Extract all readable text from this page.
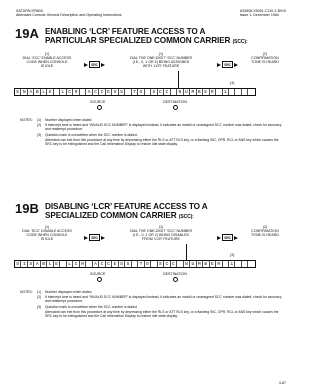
SATURN EPABX
Attendant Console General Description and Operating Instructions
A30808-X5051-C110-1-B919
Issue 1, December 1984
19A ENABLING ‘LCR’ FEATURE ACCESS TO A
PARTICULAR SPECIALIZED COMMON CARRIER (SCC):
(1)
DIAL ‘SCC’ ENABLE ACCESS
CODE WHEN CONSOLE
IS IDLE	SRC
(1)
DIAL THE ONE-DIGIT ‘SCC’ NUMBER
(I.E., 0, 1 OR 2) BEING ASSIGNED
WITH ‘LCR’ FEATURE	SRC
(2)
CONFIRMATION
TONE IS HEARD
(3)
E N A B L E	L C R	A C C E S S	T O	S C C	N U M B E R	1
SOURCE	DESTINATION
NOTES:	(1)	Number displayed when dialed.
(2)	If intercept tone is heard and “INVALID SCC NUMBER” is displayed instead, it indicates an invalid or unassigned SCC number was dialed; check for accuracy and reattempt procedure.
(3)	Question mark is overwritten when the SCC number is dialed.
Attendant can exit from this procedure at any time by depressing either the RLS or ATT RLS key, or a flashing INC, OPR, RCL or ANS key which causes the SRC key to be extinguished and the Call Information Display to restore idle state display.
19B DISABLING ‘LCR’ FEATURE ACCESS TO A
SPECIALIZED COMMON CARRIER (SCC):
(1)
DIAL ‘SCC’ DISABLE ACCESS
CODE WHEN CONSOLE
IS IDLE	SRC
(1)
DIAL THE ONE-DIGIT ‘SCC’ NUMBER
(I.E., 0, 1 OR 2) BEING DISABLED
FROM ‘LCR’ FEATURE	SRC
(2)
CONFIRMATION
TONE IS HEARD
(3)
D I S A B L E	L C R	A C C E S S	T O	S C C	N U M B E R	1
SOURCE	DESTINATION
NOTES:	(1)	Number displayed when dialed.
(2)	If intercept tone is heard and “INVALID SCC NUMBER” is displayed instead, it indicates an invalid or unassigned SCC number was dialed; check for accuracy and reattempt procedure.
(3)	Question mark is overwritten when the SCC number is dialed.
Attendant can exit from this procedure at any time by depressing either the RLS or ATT RLS key, or a flashing INC, OPR, RCL or ANS key which causes the SRC key to be extinguished and the Call Information Display to restore idle state display.
4-87
